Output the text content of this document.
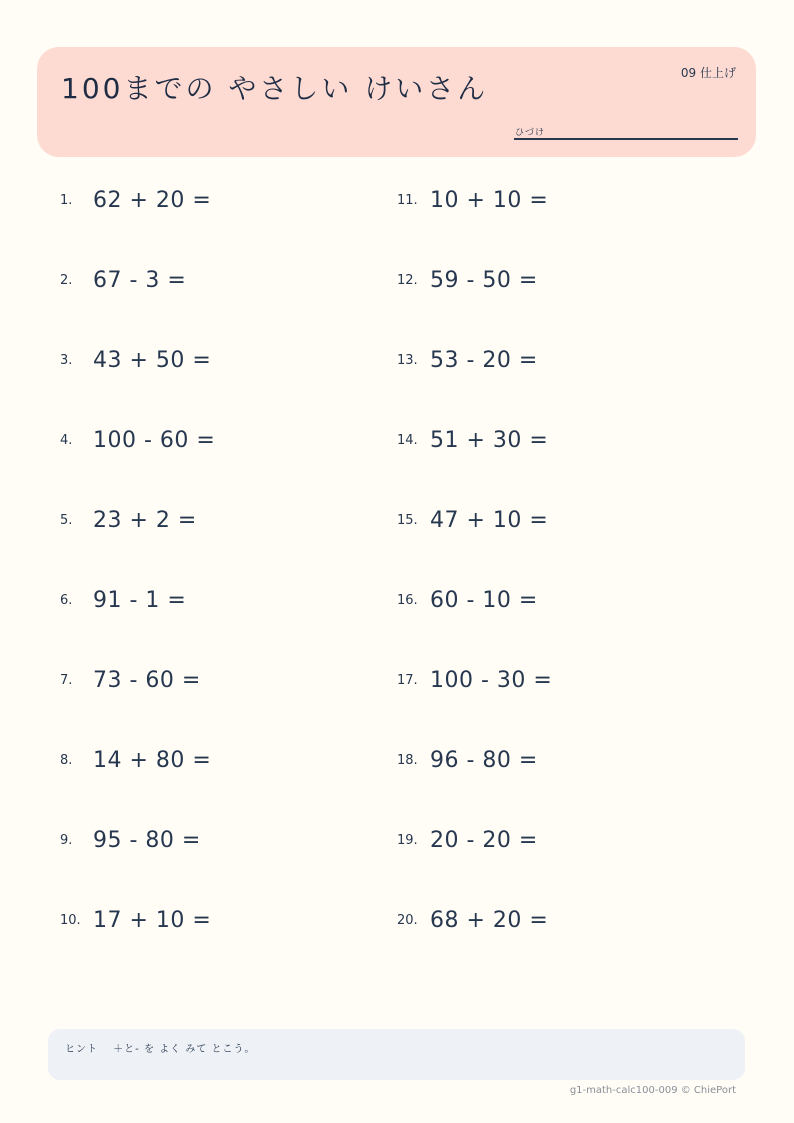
100までの やさしい けいさん	09 仕上げ
ひづけ
1. 62 + 20 =
2. 67 - 3 =
3. 43 + 50 =
4. 100 - 60 =
5. 23 + 2 =
6. 91 - 1 =
7. 73 - 60 =
8. 14 + 80 =
9. 95 - 80 =
10. 17 + 10 =
11. 10 + 10 =
12. 59 - 50 =
13. 53 - 20 =
14. 51 + 30 =
15. 47 + 10 =
16. 60 - 10 =
17. 100 - 30 =
18. 96 - 80 =
19. 20 - 20 =
20. 68 + 20 =
ヒント　 ＋と- を よく みて とこう。
g1-math-calc100-009 © ChiePort
